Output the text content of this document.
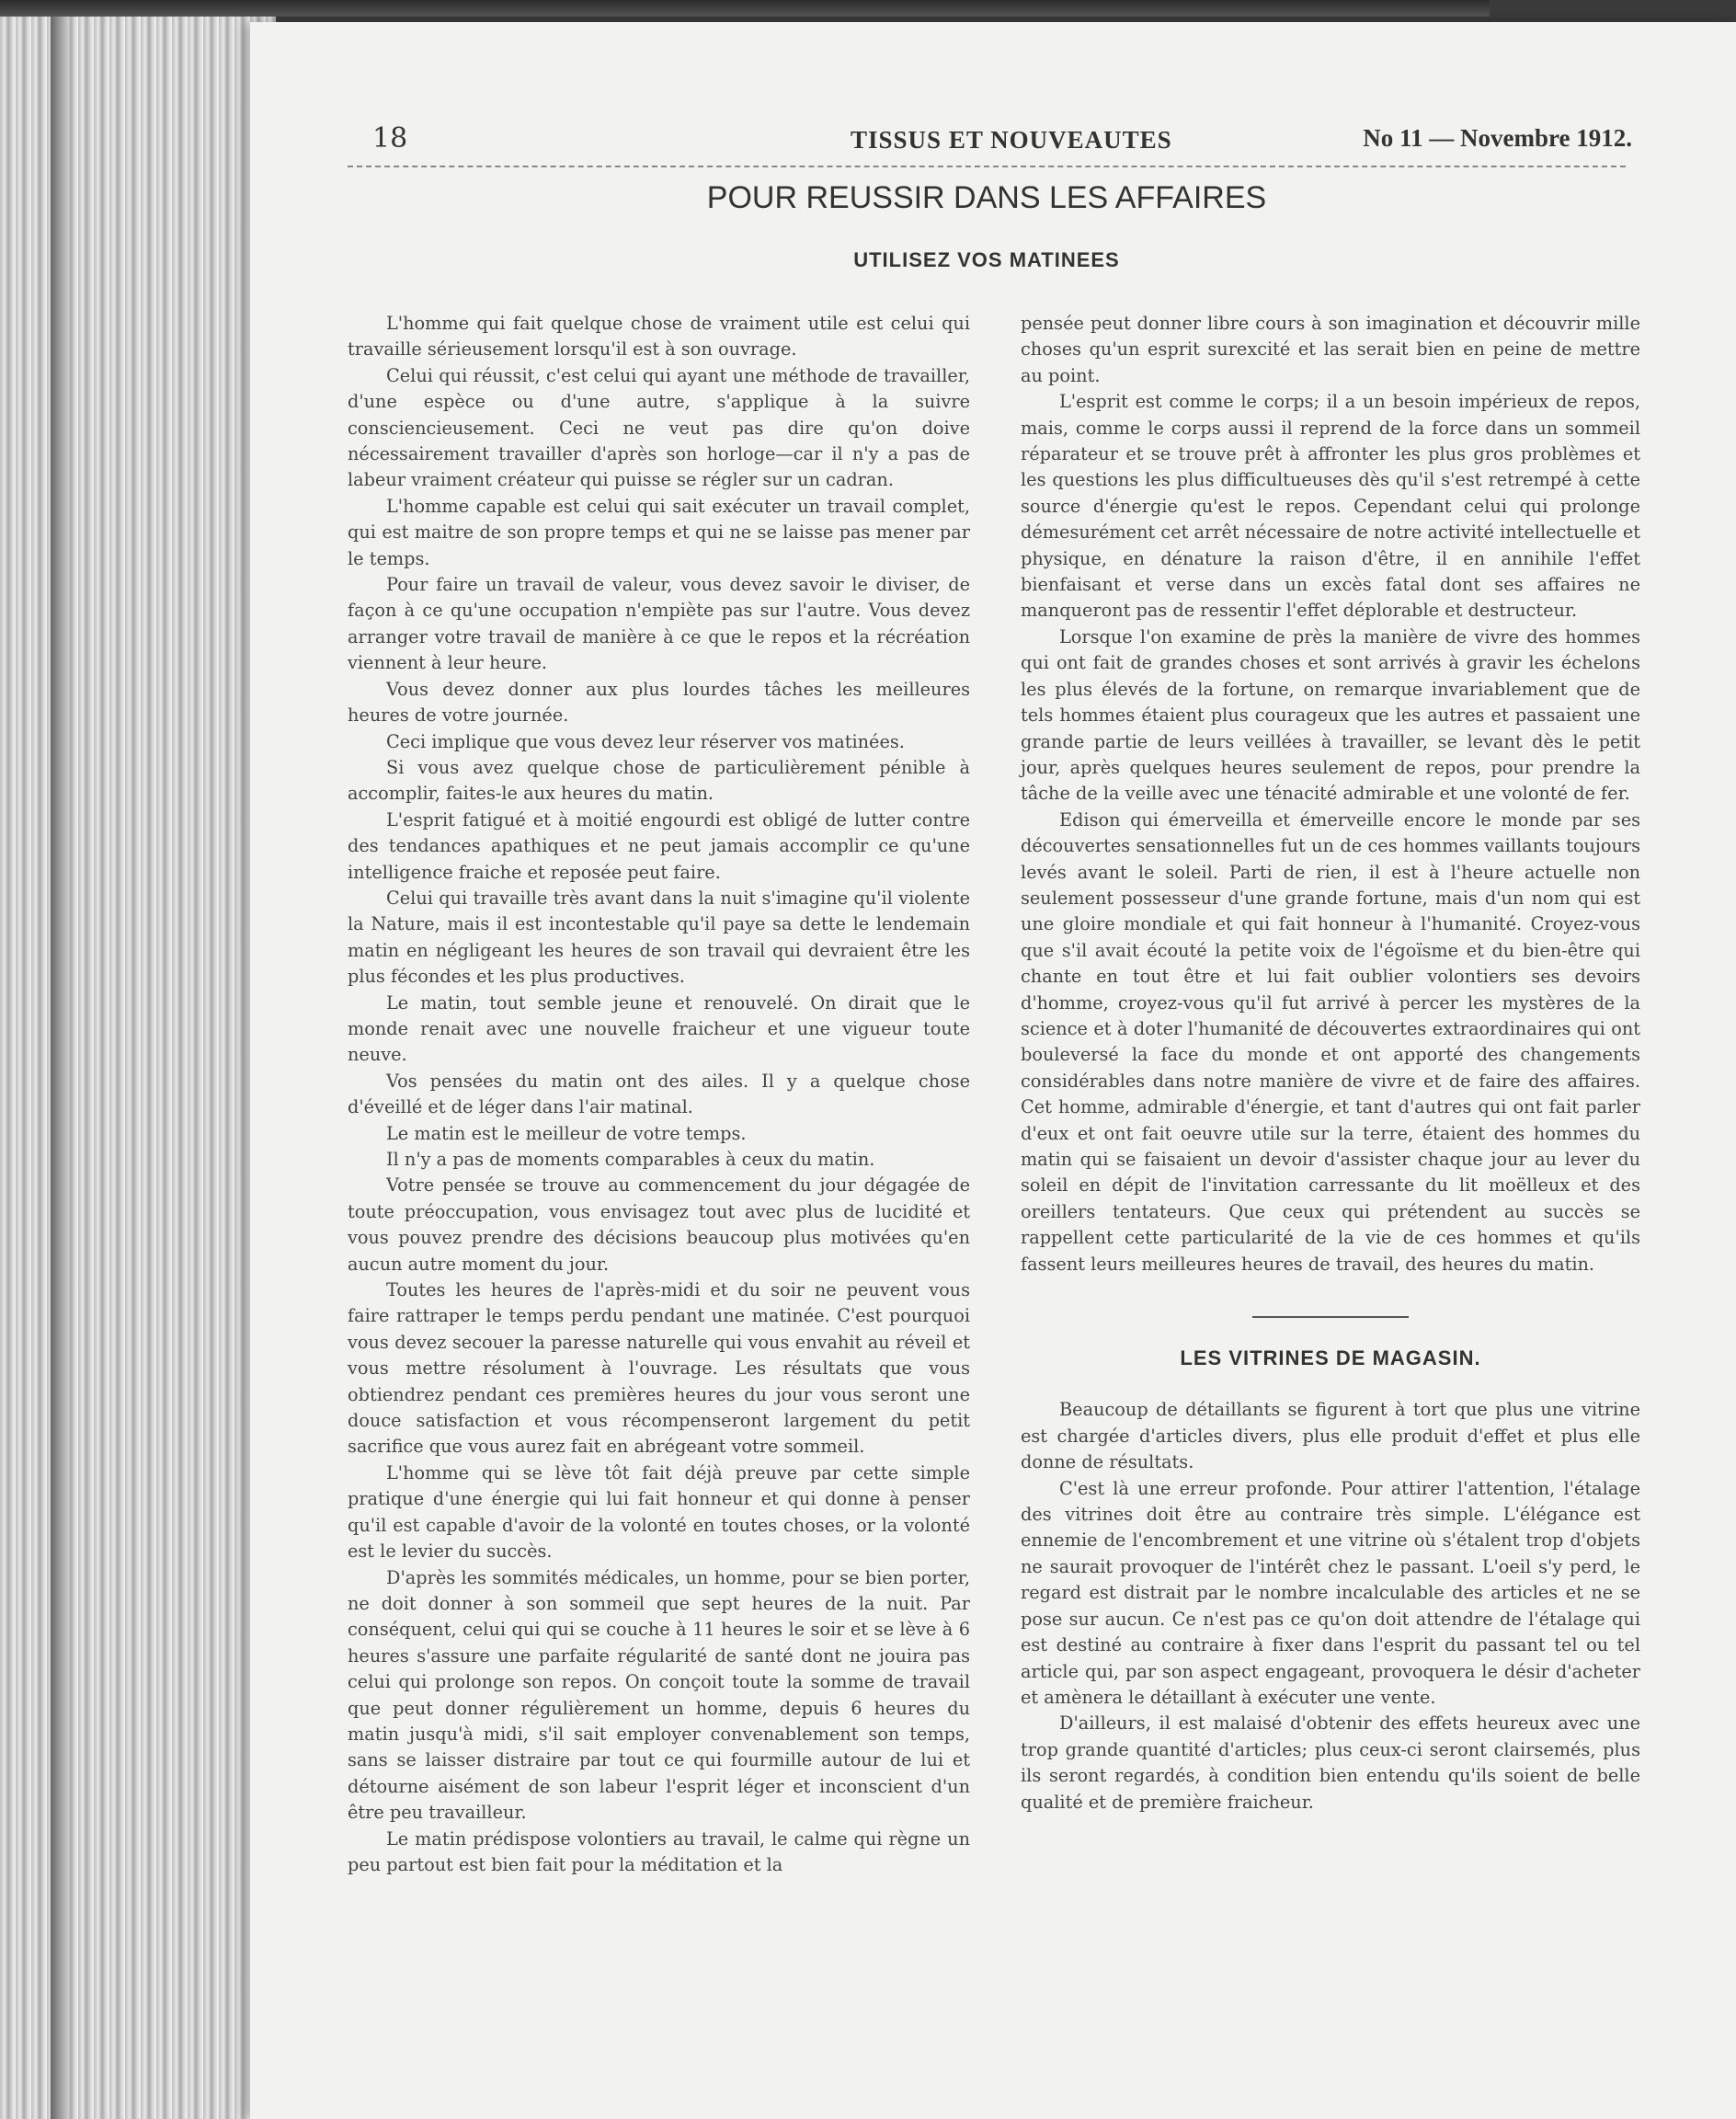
18	TISSUS ET NOUVEAUTES	No 11 — Novembre 1912.
POUR REUSSIR DANS LES AFFAIRES
UTILISEZ VOS MATINEES

L'homme qui fait quelque chose de vraiment utile est celui qui travaille sérieusement lorsqu'il est à son ouvrage.

Celui qui réussit, c'est celui qui ayant une méthode de travailler, d'une espèce ou d'une autre, s'applique à la suivre consciencieusement. Ceci ne veut pas dire qu'on doive nécessairement travailler d'après son horloge—car il n'y a pas de labeur vraiment créateur qui puisse se régler sur un cadran.

L'homme capable est celui qui sait exécuter un travail complet, qui est maitre de son propre temps et qui ne se laisse pas mener par le temps.

Pour faire un travail de valeur, vous devez savoir le diviser, de façon à ce qu'une occupation n'empiète pas sur l'autre. Vous devez arranger votre travail de manière à ce que le repos et la récréation viennent à leur heure.

Vous devez donner aux plus lourdes tâches les meilleures heures de votre journée.

Ceci implique que vous devez leur réserver vos matinées.

Si vous avez quelque chose de particulièrement pénible à accomplir, faites-le aux heures du matin.

L'esprit fatigué et à moitié engourdi est obligé de lutter contre des tendances apathiques et ne peut jamais accomplir ce qu'une intelligence fraiche et reposée peut faire.

Celui qui travaille très avant dans la nuit s'imagine qu'il violente la Nature, mais il est incontestable qu'il paye sa dette le lendemain matin en négligeant les heures de son travail qui devraient être les plus fécondes et les plus productives.

Le matin, tout semble jeune et renouvelé. On dirait que le monde renait avec une nouvelle fraicheur et une vigueur toute neuve.

Vos pensées du matin ont des ailes. Il y a quelque chose d'éveillé et de léger dans l'air matinal.

Le matin est le meilleur de votre temps.

Il n'y a pas de moments comparables à ceux du matin.

Votre pensée se trouve au commencement du jour dégagée de toute préoccupation, vous envisagez tout avec plus de lucidité et vous pouvez prendre des décisions beaucoup plus motivées qu'en aucun autre moment du jour.

Toutes les heures de l'après-midi et du soir ne peuvent vous faire rattraper le temps perdu pendant une matinée. C'est pourquoi vous devez secouer la paresse naturelle qui vous envahit au réveil et vous mettre résolument à l'ouvrage. Les résultats que vous obtiendrez pendant ces premières heures du jour vous seront une douce satisfaction et vous récompenseront largement du petit sacrifice que vous aurez fait en abrégeant votre sommeil.

L'homme qui se lève tôt fait déjà preuve par cette simple pratique d'une énergie qui lui fait honneur et qui donne à penser qu'il est capable d'avoir de la volonté en toutes choses, or la volonté est le levier du succès.

D'après les sommités médicales, un homme, pour se bien porter, ne doit donner à son sommeil que sept heures de la nuit. Par conséquent, celui qui qui se couche à 11 heures le soir et se lève à 6 heures s'assure une parfaite régularité de santé dont ne jouira pas celui qui prolonge son repos. On conçoit toute la somme de travail que peut donner régulièrement un homme, depuis 6 heures du matin jusqu'à midi, s'il sait employer convenablement son temps, sans se laisser distraire par tout ce qui fourmille autour de lui et détourne aisément de son labeur l'esprit léger et inconscient d'un être peu travailleur.

Le matin prédispose volontiers au travail, le calme qui règne un peu partout est bien fait pour la méditation et la

pensée peut donner libre cours à son imagination et découvrir mille choses qu'un esprit surexcité et las serait bien en peine de mettre au point.

L'esprit est comme le corps; il a un besoin impérieux de repos, mais, comme le corps aussi il reprend de la force dans un sommeil réparateur et se trouve prêt à affronter les plus gros problèmes et les questions les plus difficultueuses dès qu'il s'est retrempé à cette source d'énergie qu'est le repos. Cependant celui qui prolonge démesurément cet arrêt nécessaire de notre activité intellectuelle et physique, en dénature la raison d'être, il en annihile l'effet bienfaisant et verse dans un excès fatal dont ses affaires ne manqueront pas de ressentir l'effet déplorable et destructeur.

Lorsque l'on examine de près la manière de vivre des hommes qui ont fait de grandes choses et sont arrivés à gravir les échelons les plus élevés de la fortune, on remarque invariablement que de tels hommes étaient plus courageux que les autres et passaient une grande partie de leurs veillées à travailler, se levant dès le petit jour, après quelques heures seulement de repos, pour prendre la tâche de la veille avec une ténacité admirable et une volonté de fer.

Edison qui émerveilla et émerveille encore le monde par ses découvertes sensationnelles fut un de ces hommes vaillants toujours levés avant le soleil. Parti de rien, il est à l'heure actuelle non seulement possesseur d'une grande fortune, mais d'un nom qui est une gloire mondiale et qui fait honneur à l'humanité. Croyez-vous que s'il avait écouté la petite voix de l'égoïsme et du bien-être qui chante en tout être et lui fait oublier volontiers ses devoirs d'homme, croyez-vous qu'il fut arrivé à percer les mystères de la science et à doter l'humanité de découvertes extraordinaires qui ont bouleversé la face du monde et ont apporté des changements considérables dans notre manière de vivre et de faire des affaires. Cet homme, admirable d'énergie, et tant d'autres qui ont fait parler d'eux et ont fait oeuvre utile sur la terre, étaient des hommes du matin qui se faisaient un devoir d'assister chaque jour au lever du soleil en dépit de l'invitation carressante du lit moëlleux et des oreillers tentateurs. Que ceux qui prétendent au succès se rappellent cette particularité de la vie de ces hommes et qu'ils fassent leurs meilleures heures de travail, des heures du matin.

LES VITRINES DE MAGASIN.

Beaucoup de détaillants se figurent à tort que plus une vitrine est chargée d'articles divers, plus elle produit d'effet et plus elle donne de résultats.

C'est là une erreur profonde. Pour attirer l'attention, l'étalage des vitrines doit être au contraire très simple. L'élégance est ennemie de l'encombrement et une vitrine où s'étalent trop d'objets ne saurait provoquer de l'intérêt chez le passant. L'oeil s'y perd, le regard est distrait par le nombre incalculable des articles et ne se pose sur aucun. Ce n'est pas ce qu'on doit attendre de l'étalage qui est destiné au contraire à fixer dans l'esprit du passant tel ou tel article qui, par son aspect engageant, provoquera le désir d'acheter et amènera le détaillant à exécuter une vente.

D'ailleurs, il est malaisé d'obtenir des effets heureux avec une trop grande quantité d'articles; plus ceux-ci seront clairsemés, plus ils seront regardés, à condition bien entendu qu'ils soient de belle qualité et de première fraicheur.
